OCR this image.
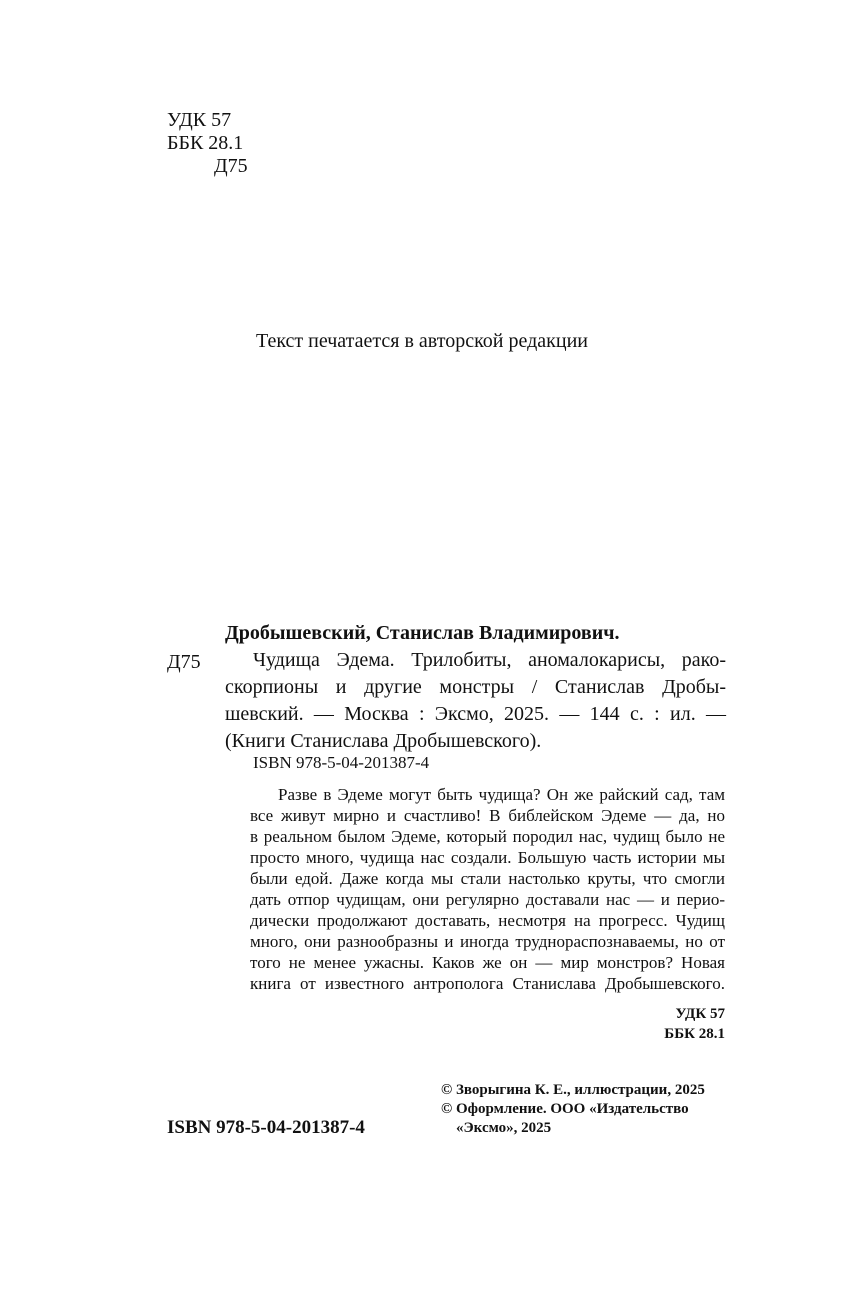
УДК 57
ББК 28.1
Д75
Текст печатается в авторской редакции
Дробышевский, Станислав Владимирович.
Д75	Чудища Эдема. Трилобиты, аномалокарисы, рако-
скорпионы и другие монстры / Станислав Дробы-
шевский. — Москва : Эксмо, 2025. — 144 с. : ил. —
(Книги Станислава Дробышевского).
ISBN 978-5-04-201387-4
Разве в Эдеме могут быть чудища? Он же райский сад, там
все живут мирно и счастливо! В библейском Эдеме — да, но
в реальном былом Эдеме, который породил нас, чудищ было не
просто много, чудища нас создали. Большую часть истории мы
были едой. Даже когда мы стали настолько круты, что смогли
дать отпор чудищам, они регулярно доставали нас — и перио-
дически продолжают доставать, несмотря на прогресс. Чудищ
много, они разнообразны и иногда труднораспознаваемы, но от
того не менее ужасны. Каков же он — мир монстров? Новая
книга от известного антрополога Станислава Дробышевского.
УДК 57
ББК 28.1
ISBN 978-5-04-201387-4
© Зворыгина К. Е., иллюстрации, 2025
© Оформление. ООО «Издательство
«Эксмо», 2025
